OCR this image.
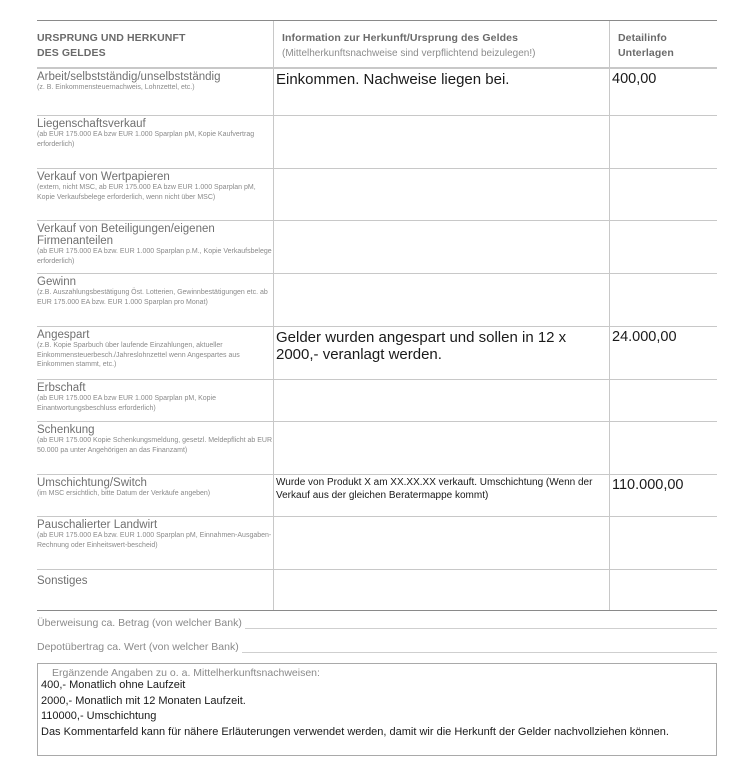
URSPRUNG UND HERKUNFT
DES GELDES
Information zur Herkunft/Ursprung des Geldes
(Mittelherkunftsnachweise sind verpflichtend beizulegen!)
Detailinfo
Unterlagen
Arbeit/selbstständig/unselbstständig
(z. B. Einkommensteuernachweis, Lohnzettel, etc.)	Einkommen. Nachweise liegen bei.	400,00
Liegenschaftsverkauf
(ab EUR 175.000 EA bzw EUR 1.000 Sparplan pM, Kopie Kaufvertrag erforderlich)
Verkauf von Wertpapieren
(extern, nicht MSC, ab EUR 175.000 EA bzw EUR 1.000 Sparplan pM, Kopie Verkaufsbelege erforderlich, wenn nicht über MSC)
Verkauf von Beteiligungen/eigenen Firmenanteilen
(ab EUR 175.000 EA bzw. EUR 1.000 Sparplan p.M., Kopie Verkaufsbelege erforderlich)
Gewinn
(z.B. Auszahlungsbestätigung Öst. Lotterien, Gewinnbestätigungen etc. ab EUR 175.000 EA bzw. EUR 1.000 Sparplan pro Monat)
Angespart
(z.B. Kopie Sparbuch über laufende Einzahlungen, aktueller Einkommensteuerbesch./Jahreslohnzettel wenn Angespartes aus Einkommen stammt, etc.)
Gelder wurden angespart und sollen in 12 x 2000,- veranlagt werden.
24.000,00
Erbschaft
(ab EUR 175.000 EA bzw EUR 1.000 Sparplan pM, Kopie Einantwortungsbeschluss erforderlich)
Schenkung
(ab EUR 175.000 Kopie Schenkungsmeldung, gesetzl. Meldepflicht ab EUR 50.000 pa unter Angehörigen an das Finanzamt)
Umschichtung/Switch
(im MSC ersichtlich, bitte Datum der Verkäufe angeben)
Wurde von Produkt X am XX.XX.XX verkauft. Umschichtung (Wenn der Verkauf aus der gleichen Beratermappe kommt)
110.000,00
Pauschalierter Landwirt
(ab EUR 175.000 EA bzw. EUR 1.000 Sparplan pM, Einnahmen-Ausgaben-Rechnung oder Einheitswert-bescheid)
Sonstiges
Überweisung ca. Betrag (von welcher Bank)
Depotübertrag ca. Wert (von welcher Bank)
Ergänzende Angaben zu o. a. Mittelherkunftsnachweisen:
400,- Monatlich ohne Laufzeit
2000,- Monatlich mit 12 Monaten Laufzeit.
110000,- Umschichtung
Das Kommentarfeld kann für nähere Erläuterungen verwendet werden, damit wir die Herkunft der Gelder nachvollziehen können.
